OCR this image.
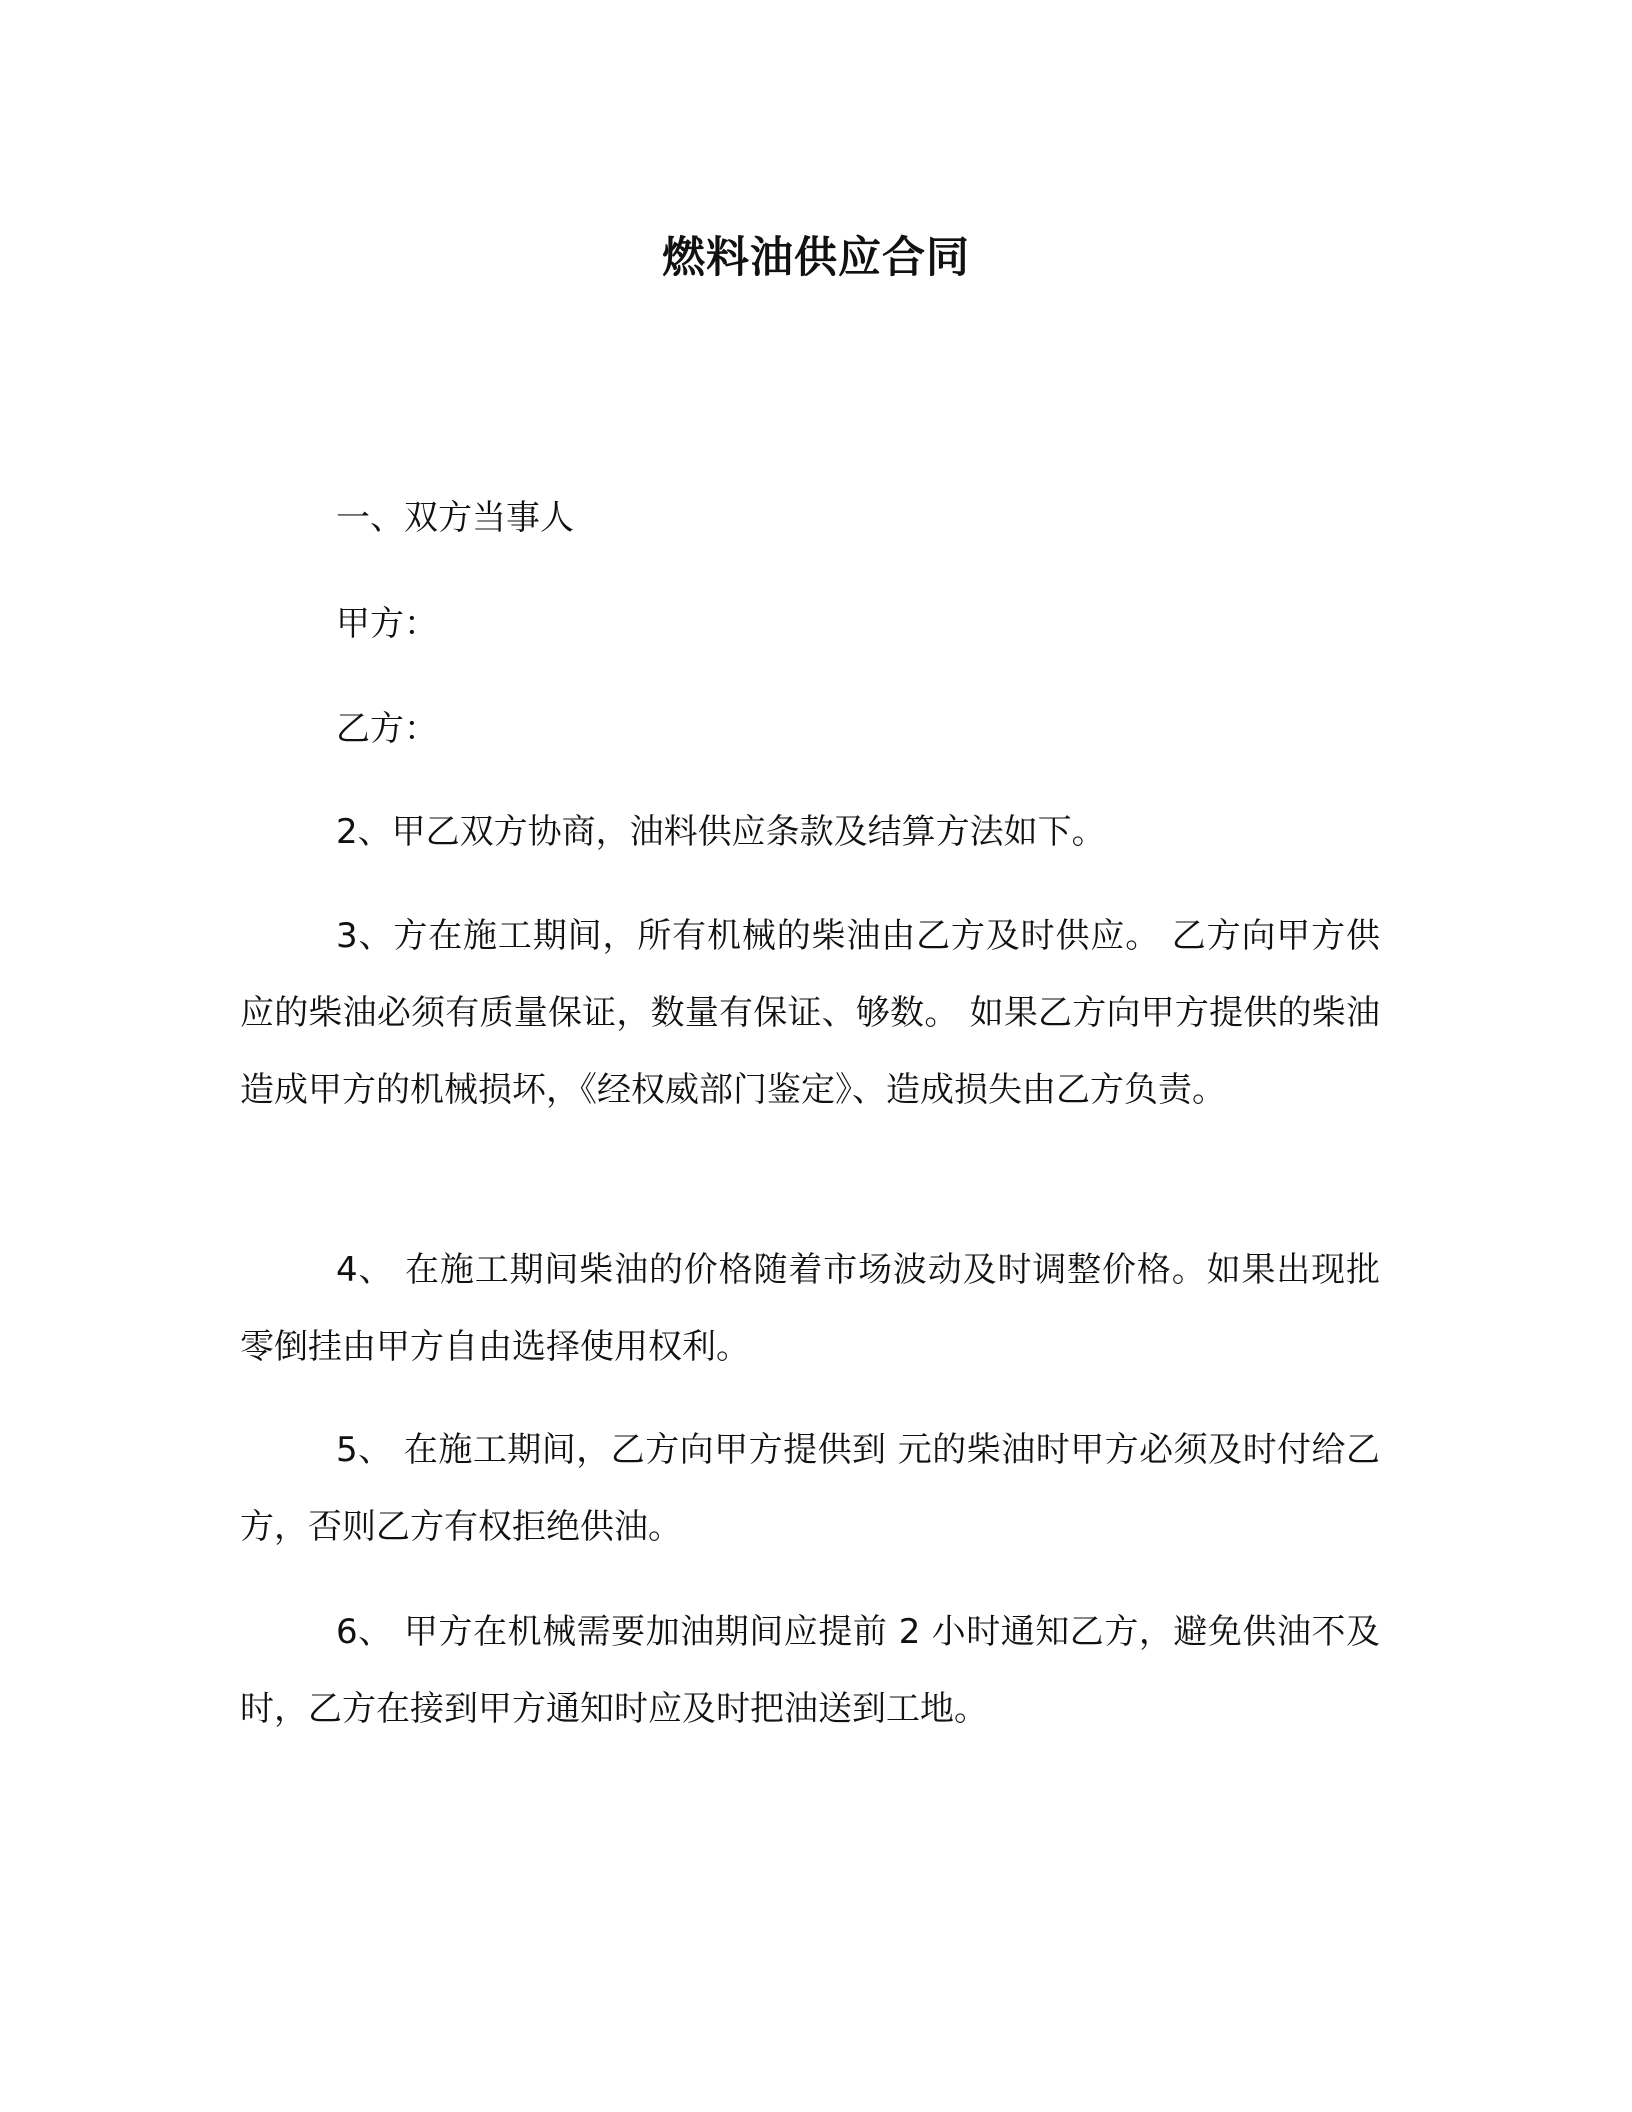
燃料油供应合同

一、双方当事人

甲方：

乙方：

2、甲乙双方协商，油料供应条款及结算方法如下。

3、方在施工期间，所有机械的柴油由乙方及时供应。 乙方向甲方供应的柴油必须有质量保证，数量有保证、够数。 如果乙方向甲方提供的柴油造成甲方的机械损坏，《经权威部门鉴定》、造成损失由乙方负责。

4、 在施工期间柴油的价格随着市场波动及时调整价格。如果出现批零倒挂由甲方自由选择使用权利。

5、 在施工期间，乙方向甲方提供到 元的柴油时甲方必须及时付给乙方，否则乙方有权拒绝供油。

6、 甲方在机械需要加油期间应提前 2 小时通知乙方，避免供油不及时，乙方在接到甲方通知时应及时把油送到工地。
